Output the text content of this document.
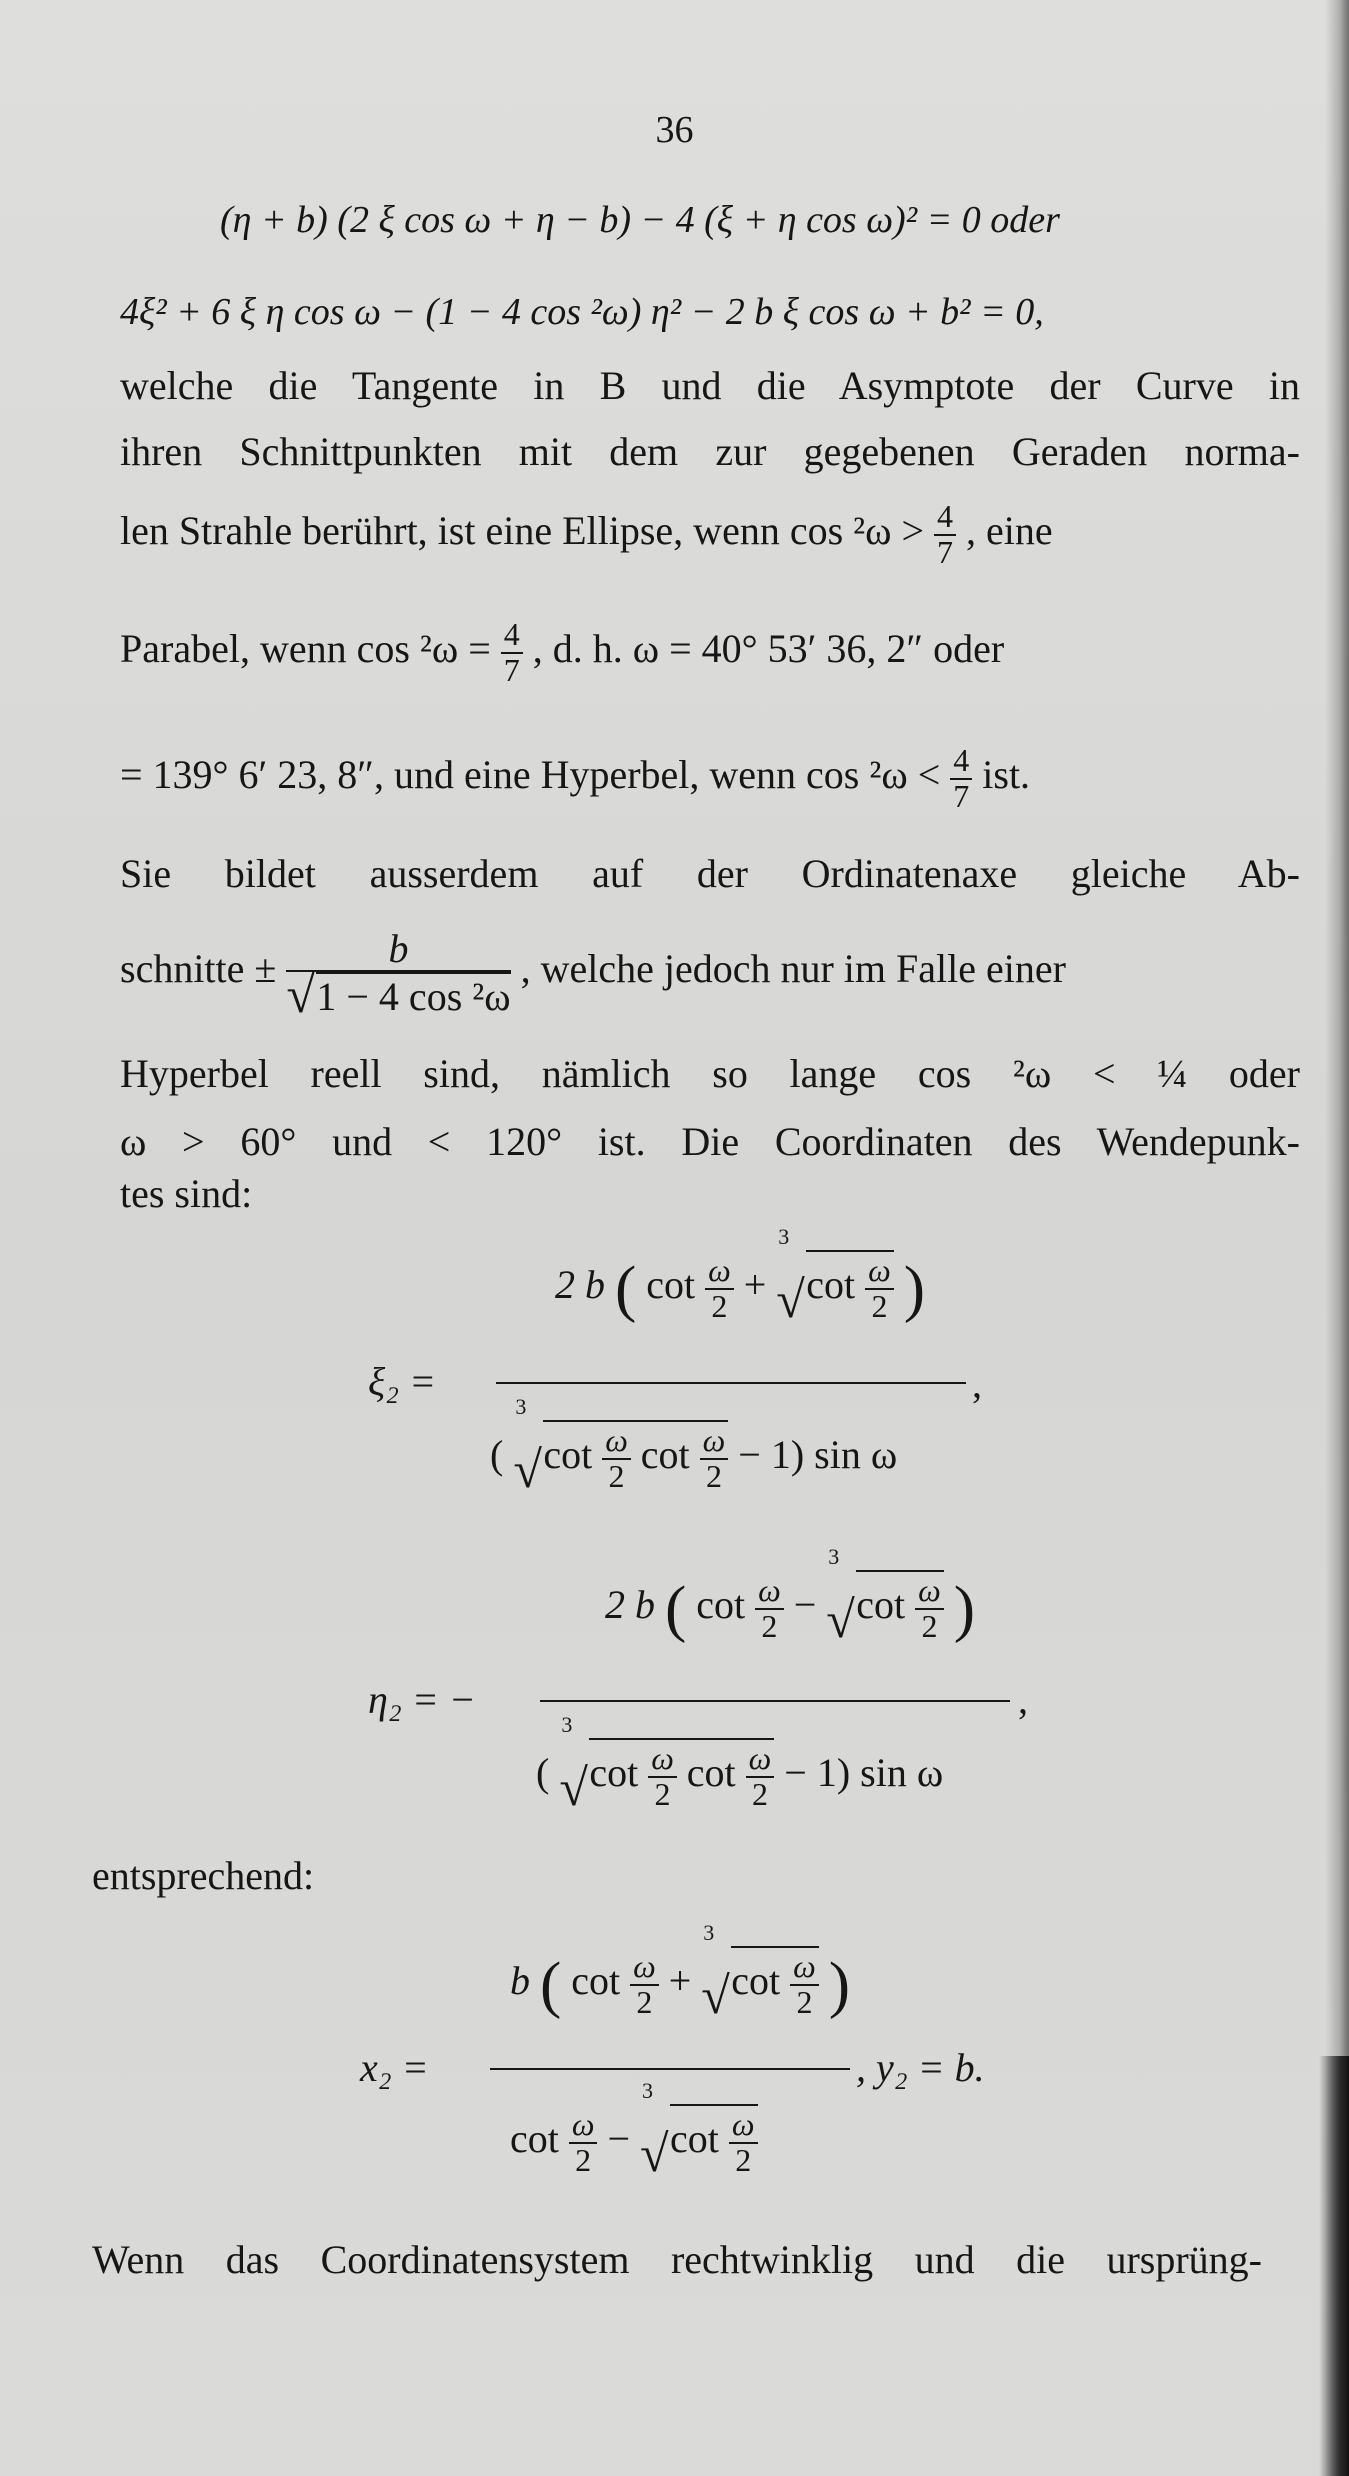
36
(η + b) (2 ξ cos ω + η − b) − 4 (ξ + η cos ω)² = 0 oder
4ξ² + 6 ξ η cos ω − (1 − 4 cos ²ω) η² − 2 b ξ cos ω + b² = 0,
welche die Tangente in B und die Asymptote der Curve in
ihren Schnittpunkten mit dem zur gegebenen Geraden norma-
len Strahle berührt, ist eine Ellipse, wenn $\cos ^2\omega > \frac{4}{7}$ , eine
Parabel, wenn $\cos ^2\omega = \frac{4}{7}$ , d. h. ω = 40° 53′ 36, 2″ oder
= 139° 6′ 23, 8″, und eine Hyperbel, wenn $\cos ^2\omega < \frac{4}{7}$ ist.
Sie bildet ausserdem auf der Ordinatenaxe gleiche Ab-
schnitte ± $\frac{b}{\text{√ 1 − 4 cos ²ω}}$ , welche jedoch nur im Falle einer
Hyperbel reell sind, nämlich so lange cos ²ω < ¼ oder
ω > 60° und < 120° ist. Die Coordinaten des Wendepunk-
tes sind:
ξ₂ =
2 b ( $\cot \frac{\omega}{2}$ +
3
√ $\cot \frac{\omega}{2}$ )
,
(
3
√ $\cot \frac{\omega}{2}$ $\cot \frac{\omega}{2} - 1$) sin ω
η₂ = −
2 b ( $\cot \frac{\omega}{2}$ −
3
√ $\cot \frac{\omega}{2}$ )
,
(
3
√ $\cot \frac{\omega}{2}$ $\cot \frac{\omega}{2} - 1$) sin ω
entsprechend:
x₂ =
b ( $\cot \frac{\omega}{2}$ +
3
√ $\cot \frac{\omega}{2}$ )
, y₂ = b.
$\cot \frac{\omega}{2}$ −
3
√ $\cot \frac{\omega}{2}$
Wenn das Coordinatensystem rechtwinklig und die ursprüng-
